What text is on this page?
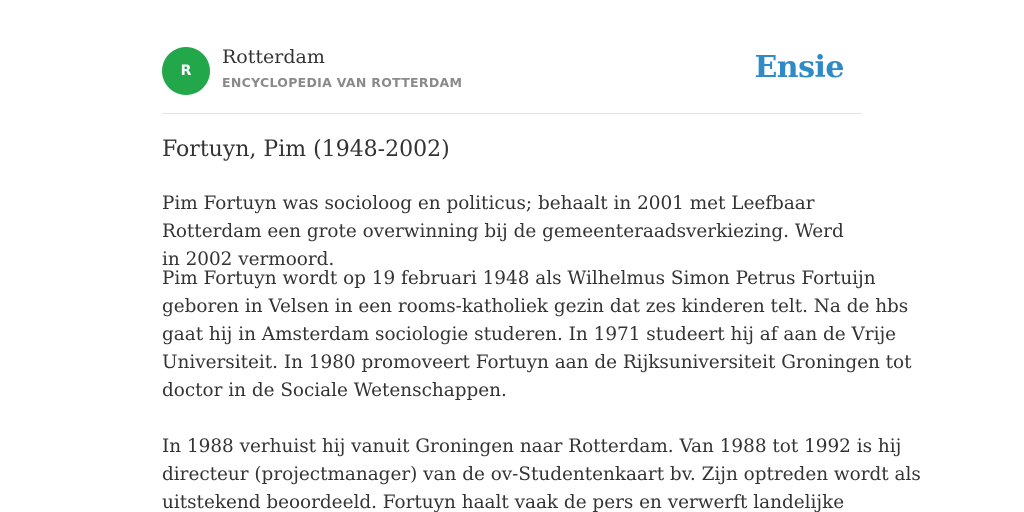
R
Rotterdam
ENCYCLOPEDIA VAN ROTTERDAM	Ensie
Fortuyn, Pim (1948-2002)

Pim Fortuyn was socioloog en politicus; behaalt in 2001 met Leefbaar Rotterdam een grote overwinning bij de gemeenteraadsverkiezing. Werd in 2002 vermoord.

Pim Fortuyn wordt op 19 februari 1948 als Wilhelmus Simon Petrus Fortuijn
geboren in Velsen in een rooms-katholiek gezin dat zes kinderen telt. Na de hbs
gaat hij in Amsterdam sociologie studeren. In 1971 studeert hij af aan de Vrije
Universiteit. In 1980 promoveert Fortuyn aan de Rijksuniversiteit Groningen tot
doctor in de Sociale Wetenschappen.

In 1988 verhuist hij vanuit Groningen naar Rotterdam. Van 1988 tot 1992 is hij
directeur (projectmanager) van de ov-Studentenkaart bv. Zijn optreden wordt als
uitstekend beoordeeld. Fortuyn haalt vaak de pers en verwerft landelijke
